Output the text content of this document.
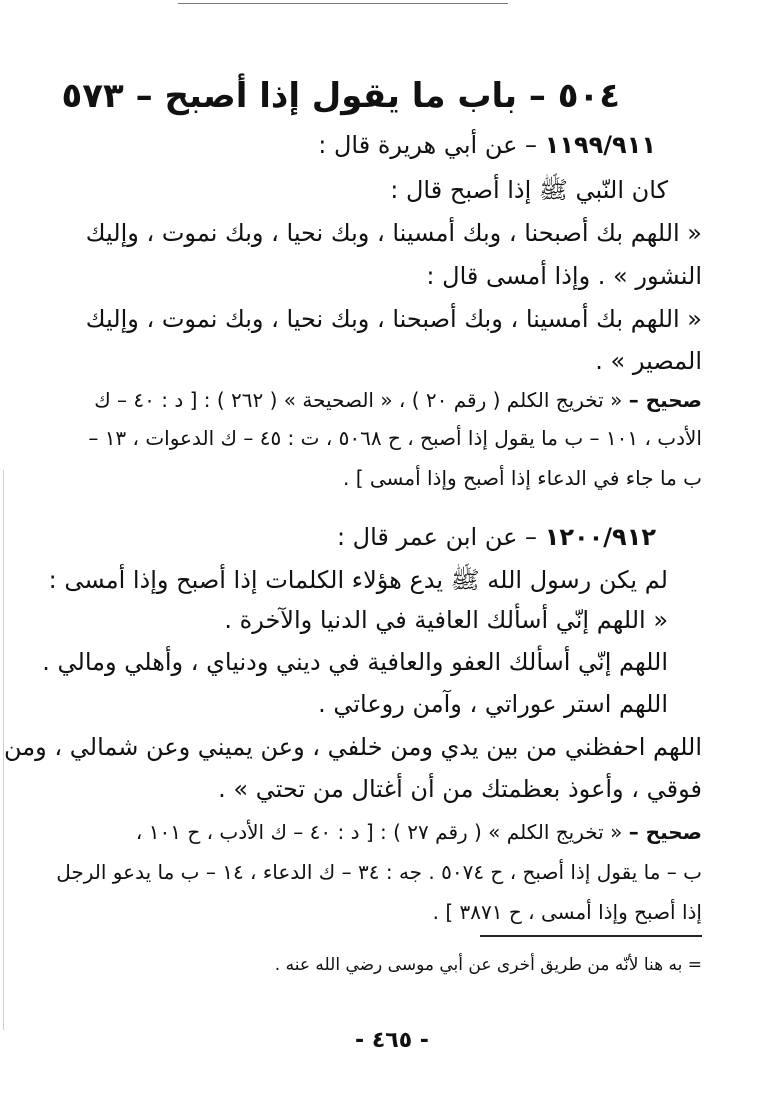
٥٠٤ – باب ما يقول إذا أصبح – ٥٧٣
١١٩٩/٩١١ – عن أبي هريرة قال :
كان النّبي ﷺ إذا أصبح قال :
« اللهم بك أصبحنا ، وبك أمسينا ، وبك نحيا ، وبك نموت ، وإليك
النشور » . وإذا أمسى قال :
« اللهم بك أمسينا ، وبك أصبحنا ، وبك نحيا ، وبك نموت ، وإليك
المصير » .
صحيح – « تخريج الكلم ( رقم ٢٠ ) ، « الصحيحة » ( ٢٦٢ ) : [ د : ٤٠ – ك
الأدب ، ١٠١ – ب ما يقول إذا أصبح ، ح ٥٠٦٨ ، ت : ٤٥ – ك الدعوات ، ١٣ –
ب ما جاء في الدعاء إذا أصبح وإذا أمسى ] .
١٢٠٠/٩١٢ – عن ابن عمر قال :
لم يكن رسول الله ﷺ يدع هؤلاء الكلمات إذا أصبح وإذا أمسى :
« اللهم إنّي أسألك العافية في الدنيا والآخرة .
اللهم إنّي أسألك العفو والعافية في ديني ودنياي ، وأهلي ومالي .
اللهم استر عوراتي ، وآمن روعاتي .
اللهم احفظني من بين يدي ومن خلفي ، وعن يميني وعن شمالي ، ومن
فوقي ، وأعوذ بعظمتك من أن أغتال من تحتي » .
صحيح – « تخريج الكلم » ( رقم ٢٧ ) : [ د : ٤٠ – ك الأدب ، ح ١٠١ ،
ب – ما يقول إذا أصبح ، ح ٥٠٧٤ . جه : ٣٤ – ك الدعاء ، ١٤ – ب ما يدعو الرجل
إذا أصبح وإذا أمسى ، ح ٣٨٧١ ] .
= به هنا لأنّه من طريق أخرى عن أبي موسى رضي الله عنه .
- ٤٦٥ -
